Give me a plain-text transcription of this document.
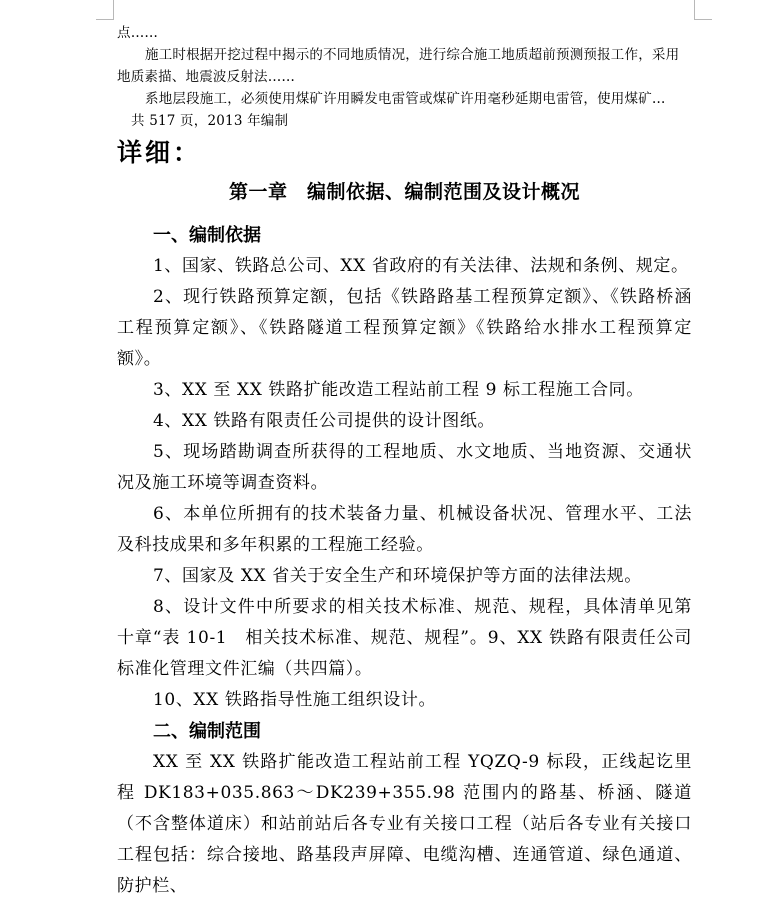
点……

施工时根据开挖过程中揭示的不同地质情况，进行综合施工地质超前预测预报工作，采用地质素描、地震波反射法……

系地层段施工，必须使用煤矿许用瞬发电雷管或煤矿许用毫秒延期电雷管，使用煤矿…

共 517 页，2013 年编制

详细：
第一章　编制依据、编制范围及设计概况
一、编制依据

1、国家、铁路总公司、XX 省政府的有关法律、法规和条例、规定。

2、现行铁路预算定额，包括《铁路路基工程预算定额》、《铁路桥涵工程预算定额》、《铁路隧道工程预算定额》《铁路给水排水工程预算定额》。

3、XX 至 XX 铁路扩能改造工程站前工程 9 标工程施工合同。

4、XX 铁路有限责任公司提供的设计图纸。

5、现场踏勘调查所获得的工程地质、水文地质、当地资源、交通状况及施工环境等调查资料。

6、本单位所拥有的技术装备力量、机械设备状况、管理水平、工法及科技成果和多年积累的工程施工经验。

7、国家及 XX 省关于安全生产和环境保护等方面的法律法规。

8、设计文件中所要求的相关技术标准、规范、规程，具体清单见第十章“表 10-1　相关技术标准、规范、规程”。9、XX 铁路有限责任公司标准化管理文件汇编（共四篇）。

10、XX 铁路指导性施工组织设计。

二、编制范围

XX 至 XX 铁路扩能改造工程站前工程 YQZQ-9 标段，正线起讫里程 DK183+035.863～DK239+355.98 范围内的路基、桥涵、隧道（不含整体道床）和站前站后各专业有关接口工程（站后各专业有关接口工程包括：综合接地、路基段声屏障、电缆沟槽、连通管道、绿色通道、防护栏、
